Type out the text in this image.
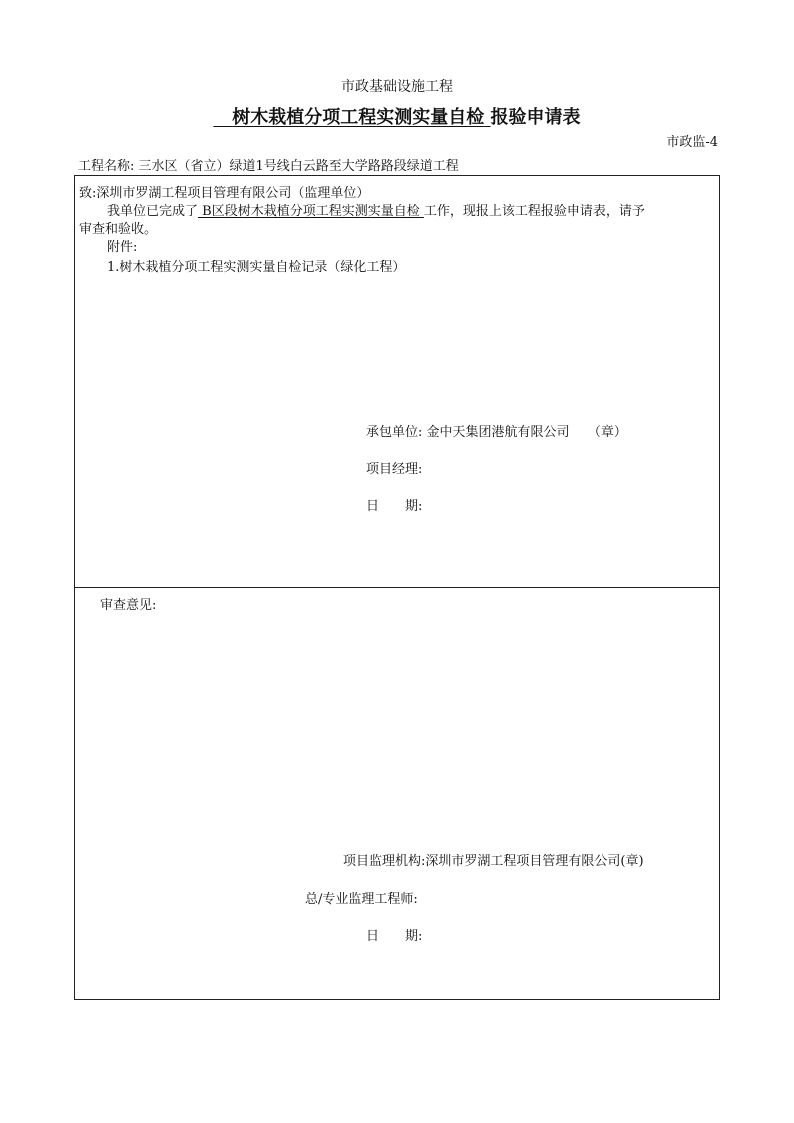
市政基础设施工程
树木栽植分项工程实测实量自检 报验申请表
市政监-4
工程名称: 三水区（省立）绿道1号线白云路至大学路路段绿道工程
致:深圳市罗湖工程项目管理有限公司（监理单位）
我单位已完成了 B区段树木栽植分项工程实测实量自检 工作，现报上该工程报验申请表，请予
审查和验收。
附件:
1.树木栽植分项工程实测实量自检记录（绿化工程）
承包单位: 金中天集团港航有限公司 （章）
项目经理:
日　　期:
审查意见:
项目监理机构:深圳市罗湖工程项目管理有限公司(章)
总/专业监理工程师:
日　　期:
